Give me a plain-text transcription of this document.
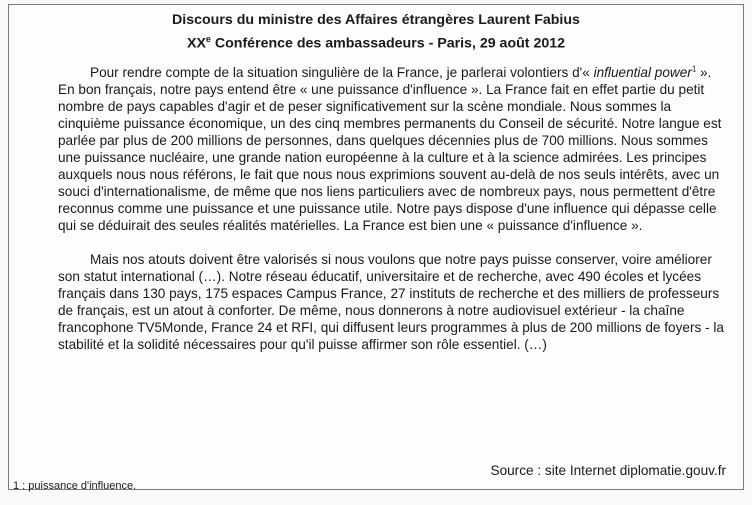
Discours du ministre des Affaires étrangères Laurent Fabius
XXe Conférence des ambassadeurs - Paris, 29 août 2012

Pour rendre compte de la situation singulière de la France, je parlerai volontiers d'« influential power$^1$ ». En bon français, notre pays entend être « une puissance d'influence ». La France fait en effet partie du petit nombre de pays capables d'agir et de peser significativement sur la scène mondiale. Nous sommes la cinquième puissance économique, un des cinq membres permanents du Conseil de sécurité. Notre langue est parlée par plus de 200 millions de personnes, dans quelques décennies plus de 700 millions. Nous sommes une puissance nucléaire, une grande nation européenne à la culture et à la science admirées. Les principes auxquels nous nous référons, le fait que nous nous exprimions souvent au-delà de nos seuls intérêts, avec un souci d'internationalisme, de même que nos liens particuliers avec de nombreux pays, nous permettent d'être reconnus comme une puissance et une puissance utile. Notre pays dispose d'une influence qui dépasse celle qui se déduirait des seules réalités matérielles. La France est bien une « puissance d'influence ».

Mais nos atouts doivent être valorisés si nous voulons que notre pays puisse conserver, voire améliorer son statut international (…). Notre réseau éducatif, universitaire et de recherche, avec 490 écoles et lycées français dans 130 pays, 175 espaces Campus France, 27 instituts de recherche et des milliers de professeurs de français, est un atout à conforter. De même, nous donnerons à notre audiovisuel extérieur - la chaîne francophone TV5Monde, France 24 et RFI, qui diffusent leurs programmes à plus de 200 millions de foyers - la stabilité et la solidité nécessaires pour qu'il puisse affirmer son rôle essentiel. (…)

Source : site Internet diplomatie.gouv.fr
1 : puissance d'influence.
